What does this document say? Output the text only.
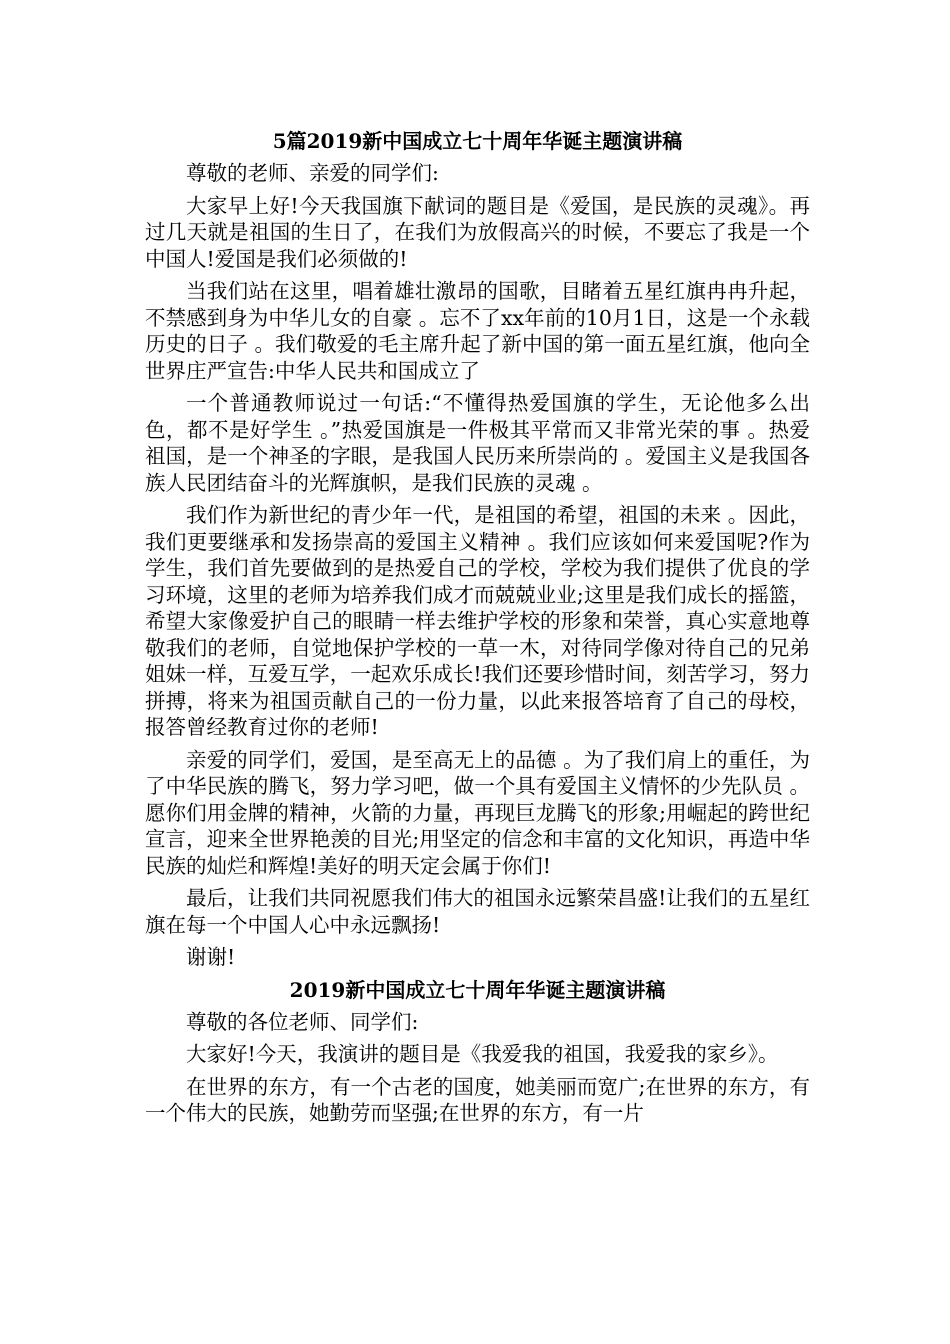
5篇2019新中国成立七十周年华诞主题演讲稿

尊敬的老师、亲爱的同学们:

大家早上好!今天我国旗下献词的题目是《爱国，是民族的灵魂》。再过几天就是祖国的生日了，在我们为放假高兴的时候，不要忘了我是一个中国人!爱国是我们必须做的!

当我们站在这里，唱着雄壮激昂的国歌，目睹着五星红旗冉冉升起，不禁感到身为中华儿女的自豪 。忘不了xx年前的10月1日，这是一个永载历史的日子 。我们敬爱的毛主席升起了新中国的第一面五星红旗，他向全世界庄严宣告:中华人民共和国成立了

一个普通教师说过一句话:“不懂得热爱国旗的学生，无论他多么出色，都不是好学生 。”热爱国旗是一件极其平常而又非常光荣的事 。热爱祖国，是一个神圣的字眼，是我国人民历来所崇尚的 。爱国主义是我国各族人民团结奋斗的光辉旗帜，是我们民族的灵魂 。

我们作为新世纪的青少年一代，是祖国的希望，祖国的未来 。因此，我们更要继承和发扬崇高的爱国主义精神 。我们应该如何来爱国呢?作为学生，我们首先要做到的是热爱自己的学校，学校为我们提供了优良的学习环境，这里的老师为培养我们成才而兢兢业业;这里是我们成长的摇篮，希望大家像爱护自己的眼睛一样去维护学校的形象和荣誉，真心实意地尊敬我们的老师，自觉地保护学校的一草一木，对待同学像对待自己的兄弟姐妹一样，互爱互学，一起欢乐成长!我们还要珍惜时间，刻苦学习，努力拼搏，将来为祖国贡献自己的一份力量，以此来报答培育了自己的母校，报答曾经教育过你的老师!

亲爱的同学们，爱国，是至高无上的品德 。为了我们肩上的重任，为了中华民族的腾飞，努力学习吧，做一个具有爱国主义情怀的少先队员 。愿你们用金牌的精神，火箭的力量，再现巨龙腾飞的形象;用崛起的跨世纪宣言，迎来全世界艳羡的目光;用坚定的信念和丰富的文化知识，再造中华民族的灿烂和辉煌!美好的明天定会属于你们!

最后，让我们共同祝愿我们伟大的祖国永远繁荣昌盛!让我们的五星红旗在每一个中国人心中永远飘扬!

谢谢!

2019新中国成立七十周年华诞主题演讲稿

尊敬的各位老师、同学们:

大家好!今天，我演讲的题目是《我爱我的祖国，我爱我的家乡》。

在世界的东方，有一个古老的国度，她美丽而宽广;在世界的东方，有一个伟大的民族，她勤劳而坚强;在世界的东方，有一片
